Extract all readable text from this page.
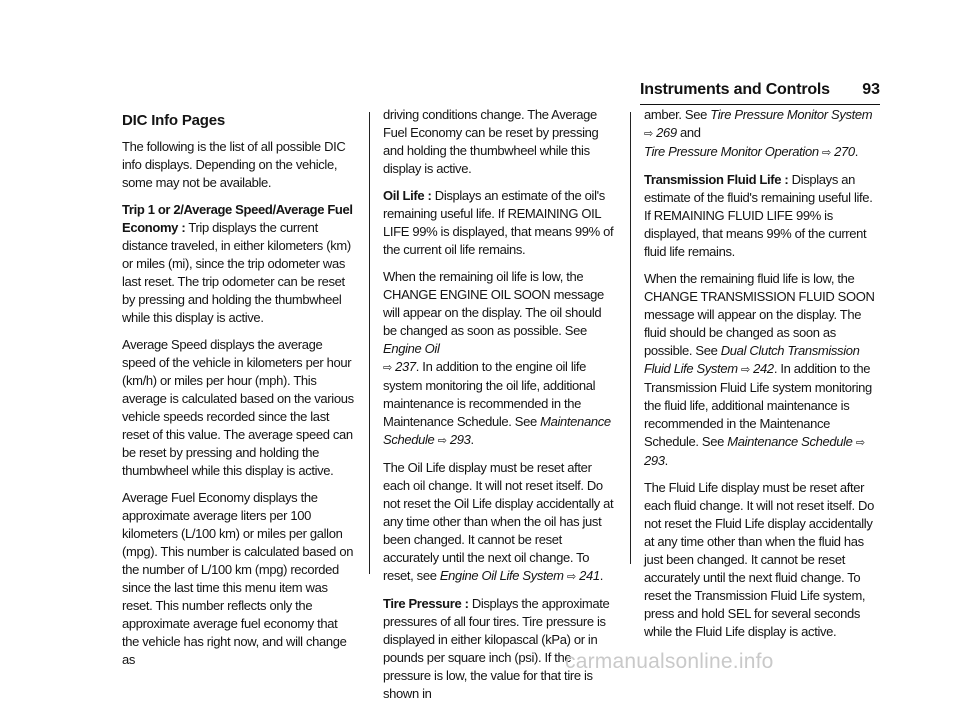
Instruments and Controls 93
DIC Info Pages

The following is the list of all possible DIC info displays. Depending on the vehicle, some may not be available.

Trip 1 or 2/Average Speed/Average Fuel Economy : Trip displays the current distance traveled, in either kilometers (km) or miles (mi), since the trip odometer was last reset. The trip odometer can be reset by pressing and holding the thumbwheel while this display is active.

Average Speed displays the average speed of the vehicle in kilometers per hour (km/h) or miles per hour (mph). This average is calculated based on the various vehicle speeds recorded since the last reset of this value. The average speed can be reset by pressing and holding the thumbwheel while this display is active.

Average Fuel Economy displays the approximate average liters per 100 kilometers (L/100 km) or miles per gallon (mpg). This number is calculated based on the number of L/100 km (mpg) recorded since the last time this menu item was reset. This number reflects only the approximate average fuel economy that the vehicle has right now, and will change as

driving conditions change. The Average Fuel Economy can be reset by pressing and holding the thumbwheel while this display is active.

Oil Life : Displays an estimate of the oil's remaining useful life. If REMAINING OIL LIFE 99% is displayed, that means 99% of the current oil life remains.

When the remaining oil life is low, the CHANGE ENGINE OIL SOON message will appear on the display. The oil should be changed as soon as possible. See Engine Oil
⇨ 237. In addition to the engine oil life system monitoring the oil life, additional maintenance is recommended in the Maintenance Schedule. See Maintenance Schedule ⇨ 293.

The Oil Life display must be reset after each oil change. It will not reset itself. Do not reset the Oil Life display accidentally at any time other than when the oil has just been changed. It cannot be reset accurately until the next oil change. To reset, see Engine Oil Life System ⇨ 241.

Tire Pressure : Displays the approximate pressures of all four tires. Tire pressure is displayed in either kilopascal (kPa) or in pounds per square inch (psi). If the pressure is low, the value for that tire is shown in

amber. See Tire Pressure Monitor System
⇨ 269 and
Tire Pressure Monitor Operation ⇨ 270.

Transmission Fluid Life : Displays an estimate of the fluid's remaining useful life. If REMAINING FLUID LIFE 99% is displayed, that means 99% of the current fluid life remains.

When the remaining fluid life is low, the CHANGE TRANSMISSION FLUID SOON message will appear on the display. The fluid should be changed as soon as possible. See Dual Clutch Transmission Fluid Life System ⇨ 242. In addition to the Transmission Fluid Life system monitoring the fluid life, additional maintenance is recommended in the Maintenance Schedule. See Maintenance Schedule ⇨ 293.

The Fluid Life display must be reset after each fluid change. It will not reset itself. Do not reset the Fluid Life display accidentally at any time other than when the fluid has just been changed. It cannot be reset accurately until the next fluid change. To reset the Transmission Fluid Life system, press and hold SEL for several seconds while the Fluid Life display is active.

carmanualsonline.info
